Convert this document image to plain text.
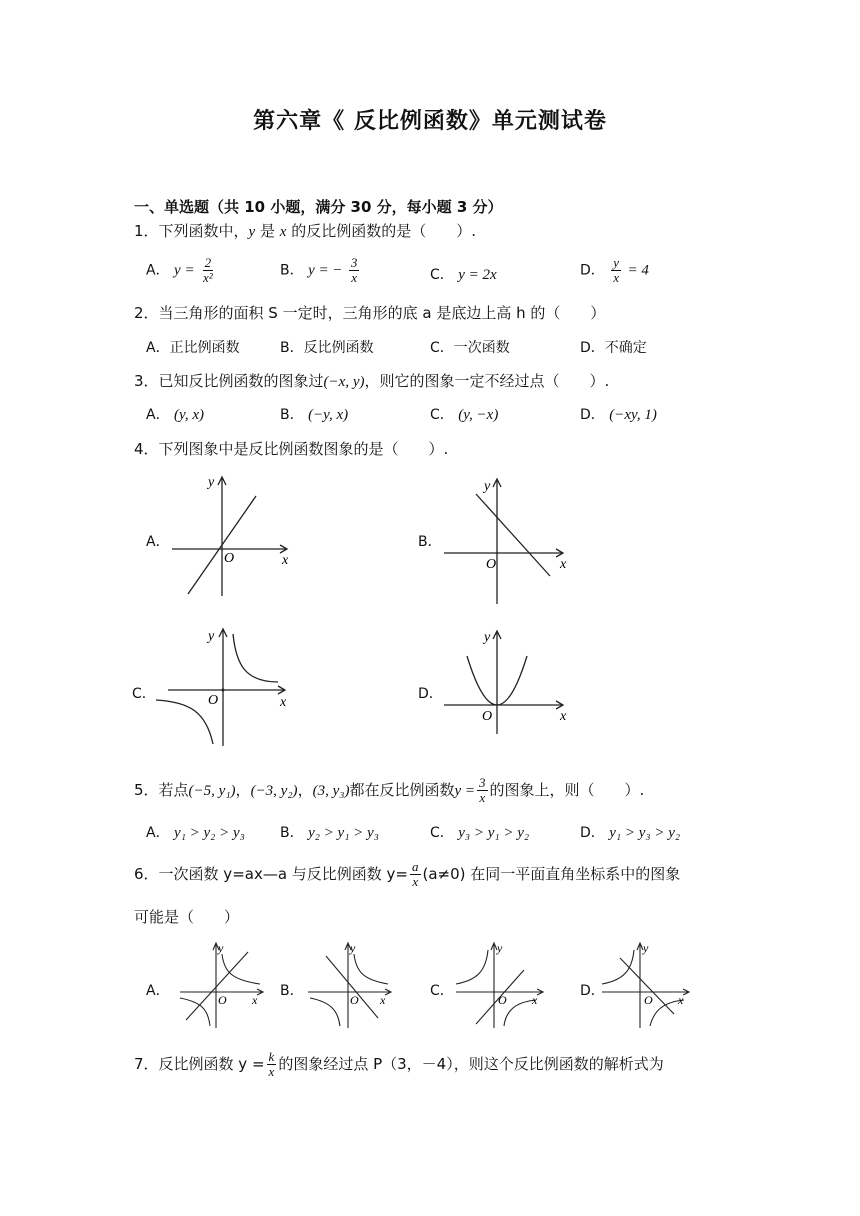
第六章《 反比例函数》单元测试卷
一、单选题（共 10 小题，满分 30 分，每小题 3 分）
1．下列函数中，y 是 x 的反比例函数的是（　　）.
A． $y = \frac{2}{\text{x²}}$	B． y = − $\frac{3}{x}$	C． y = 2x	D． $\frac{y}{x} = 4$
2．当三角形的面积 S 一定时，三角形的底 a 是底边上高 h 的（　　）
A．正比例函数	B．反比例函数	C．一次函数	D．不确定
3．已知反比例函数的图象过(−x, y)，则它的图象一定不经过点（　　）.
A． (y, x)	B． (−y, x)	C． (y, −x)	D． (−xy, 1)
4．下列图象中是反比例函数图象的是（　　）.
A．
y
O	x
B．
y
O	x
C．
y
O	x
D．
y
O	x
5．若点(−5, y₁)，(−3, y₂)，(3, y₃)都在反比例函数$y = \frac{3}{x}$ 的图象上，则（　　）.
A． y₁ > y₂ > y₃	B． y₂ > y₁ > y₃	C． y₃ > y₁ > y₂	D． y₁ > y₃ > y₂
6．一次函数 y=ax—a 与反比例函数 $y= \frac{a}{x} (a\ne 0)$ 在同一平面直角坐标系中的图象
可能是（　　）
A．
y
O x
B．
y
O x
C．
y
O x
D．
y
O x
7．反比例函数 $y = \frac{k}{x}$ 的图象经过点 P（3，－4），则这个反比例函数的解析式为
